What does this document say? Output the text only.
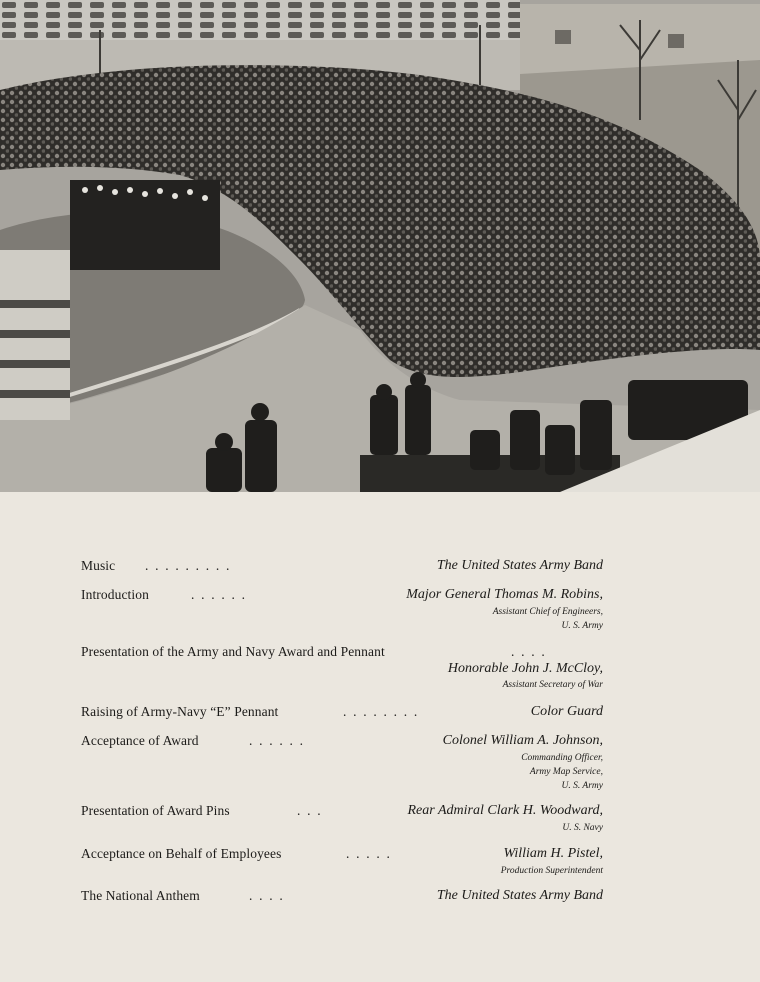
Music .  .  .  .  .  .  .  .  .	The United States Army Band
Introduction	.  .  .  .  .  .	Major General Thomas M. Robins,
Assistant Chief of Engineers,
U. S. Army
Presentation of the Army and Navy Award and Pennant	.  .  .  .
Honorable John J. McCloy,
Assistant Secretary of War
Raising of Army-Navy “E” Pennant	.  .  .  .  .  .  .  .	Color Guard
Acceptance of Award	.  .  .  .  .  .	Colonel William A. Johnson,
Commanding Officer,
Army Map Service,
U. S. Army
Presentation of Award Pins	.  .  .	Rear Admiral Clark H. Woodward,
U. S. Navy
Acceptance on Behalf of Employees	.  .  .  .  .	William H. Pistel,
Production Superintendent
The National Anthem	.  .  .  .	The United States Army Band
